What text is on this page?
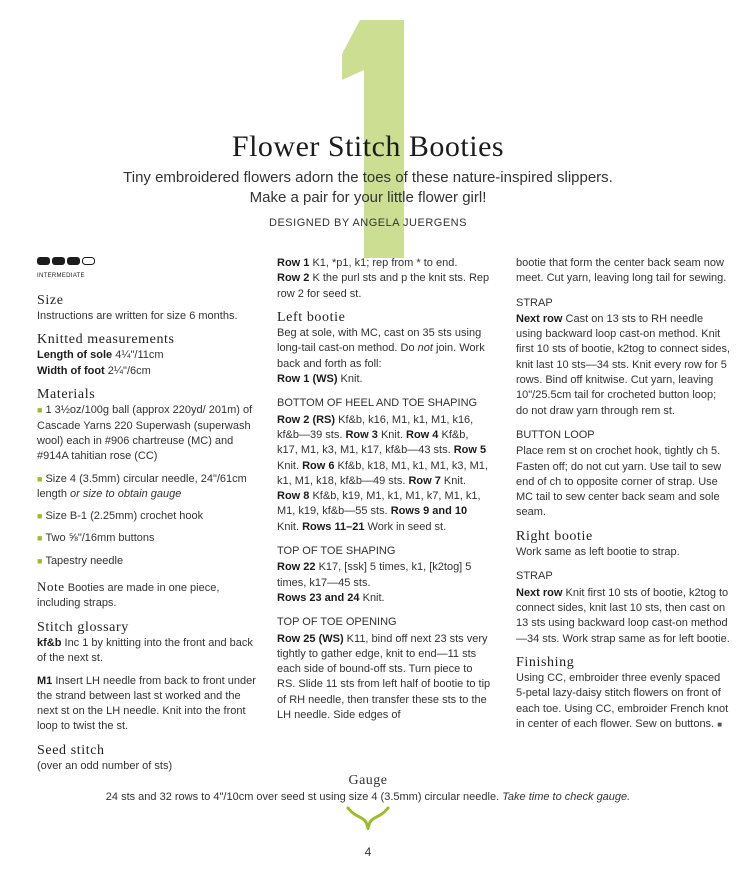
Flower Stitch Booties
Tiny embroidered flowers adorn the toes of these nature-inspired slippers.
Make a pair for your little flower girl!
DESIGNED BY ANGELA JUERGENS
INTERMEDIATE
Size

Instructions are written for size 6 months.

Knitted measurements
Length of sole 4¼"/11cm
Width of foot 2¼"/6cm
Materials

■ 1 3½oz/100g ball (approx 220yd/ 201m) of Cascade Yarns 220 Superwash (superwash wool) each in #906 chartreuse (MC) and #914A tahitian rose (CC)

■ Size 4 (3.5mm) circular needle, 24"/61cm length or size to obtain gauge

■ Size B-1 (2.25mm) crochet hook

■ Two ⅝"/16mm buttons

■ Tapestry needle

Note Booties are made in one piece, including straps.

Stitch glossary

kf&b Inc 1 by knitting into the front and back of the next st.

M1 Insert LH needle from back to front under the strand between last st worked and the next st on the LH needle. Knit into the front loop to twist the st.

Seed stitch
(over an odd number of sts)
Row 1 K1, *p1, k1; rep from * to end.

Row 2 K the purl sts and p the knit sts. Rep row 2 for seed st.

Left bootie
Beg at sole, with MC, cast on 35 sts using long-tail cast-on method. Do not join. Work back and forth as foll:

Row 1 (WS) Knit.

BOTTOM OF HEEL AND TOE SHAPING

Row 2 (RS) Kf&b, k16, M1, k1, M1, k16, kf&b—39 sts. Row 3 Knit. Row 4 Kf&b, k17, M1, k3, M1, k17, kf&b—43 sts. Row 5 Knit. Row 6 Kf&b, k18, M1, k1, M1, k3, M1, k1, M1, k18, kf&b—49 sts. Row 7 Knit. Row 8 Kf&b, k19, M1, k1, M1, k7, M1, k1, M1, k19, kf&b—55 sts. Rows 9 and 10 Knit. Rows 11–21 Work in seed st.

TOP OF TOE SHAPING
Row 22 K17, [ssk] 5 times, k1, [k2tog] 5 times, k17—45 sts.

Rows 23 and 24 Knit.

TOP OF TOE OPENING
Row 25 (WS) K11, bind off next 23 sts very tightly to gather edge, knit to end—11 sts each side of bound-off sts. Turn piece to RS. Slide 11 sts from left half of bootie to tip of RH needle, then transfer these sts to the LH needle. Side edges of

bootie that form the center back seam now meet. Cut yarn, leaving long tail for sewing.

STRAP

Next row Cast on 13 sts to RH needle using backward loop cast-on method. Knit first 10 sts of bootie, k2tog to connect sides, knit last 10 sts—34 sts. Knit every row for 5 rows. Bind off knitwise. Cut yarn, leaving 10"/25.5cm tail for crocheted button loop; do not draw yarn through rem st.

BUTTON LOOP

Place rem st on crochet hook, tightly ch 5. Fasten off; do not cut yarn. Use tail to sew end of ch to opposite corner of strap. Use MC tail to sew center back seam and sole seam.

Right bootie

Work same as left bootie to strap.

STRAP

Next row Knit first 10 sts of bootie, k2tog to connect sides, knit last 10 sts, then cast on 13 sts using backward loop cast-on method—34 sts. Work strap same as for left bootie.

Finishing
Using CC, embroider three evenly spaced 5-petal lazy-daisy stitch flowers on front of each toe. Using CC, embroider French knot in center of each flower. Sew on buttons. ■
Gauge
24 sts and 32 rows to 4"/10cm over seed st using size 4 (3.5mm) circular needle. Take time to check gauge.
4
